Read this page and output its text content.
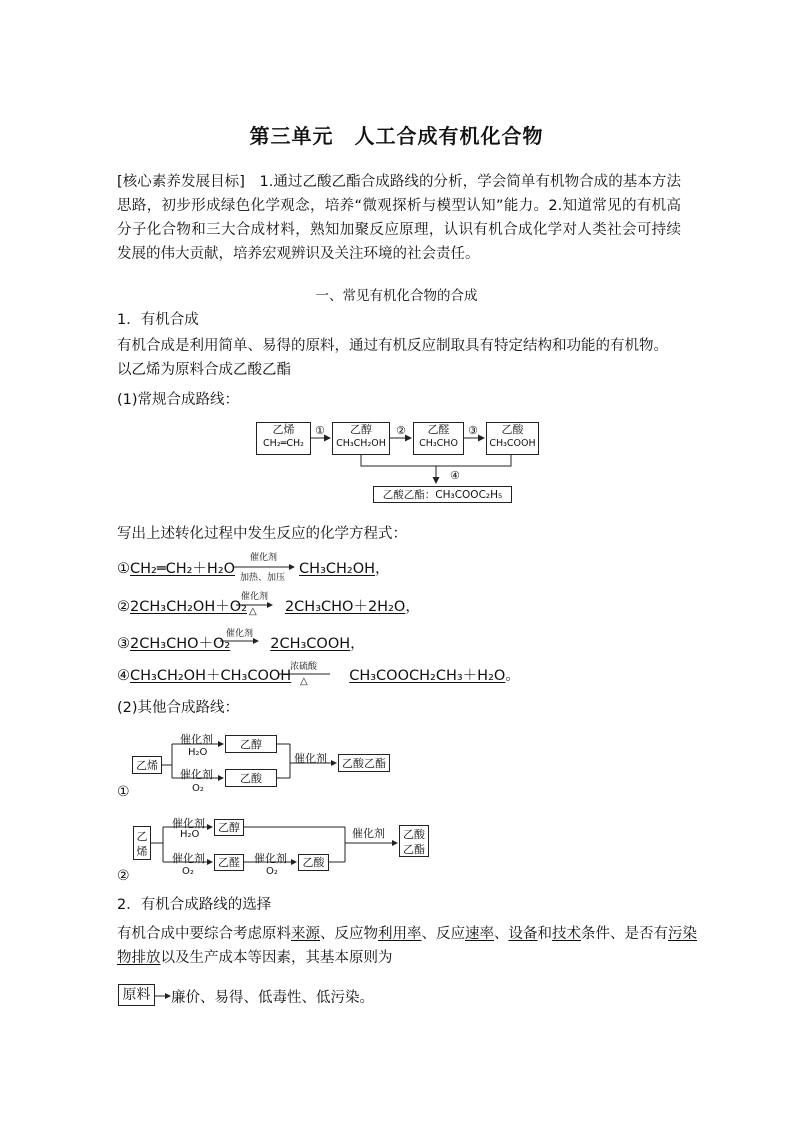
第三单元　人工合成有机化合物
[核心素养发展目标]　1.通过乙酸乙酯合成路线的分析，学会简单有机物合成的基本方法思路，初步形成绿色化学观念，培养“微观探析与模型认知”能力。2.知道常见的有机高分子化合物和三大合成材料，熟知加聚反应原理，认识有机合成化学对人类社会可持续发展的伟大贡献，培养宏观辨识及关注环境的社会责任。
一、常见有机化合物的合成
1．有机合成
有机合成是利用简单、易得的原料，通过有机反应制取具有特定结构和功能的有机物。
以乙烯为原料合成乙酸乙酯
(1)常规合成路线：
乙烯
CH₂═CH₂
①	乙醇
CH₃CH₂OH
②	乙醛
CH₃CHO
③	乙酸
CH₃COOH
④
乙酸乙酯：CH₃COOC₂H₅
写出上述转化过程中发生反应的化学方程式：
①CH₂═CH₂＋H₂O	CH₃CH₂OH，
催化剂
加热、加压
②2CH₃CH₂OH＋O₂	2CH₃CHO＋2H₂O，
催化剂
△
③2CH₃CHO＋O₂	2CH₃COOH，
催化剂
④CH₃CH₂OH＋CH₃COOH	CH₃COOCH₂CH₃＋H₂O。
浓硫酸
△
(2)其他合成路线：
乙烯
催化剂
H₂O
乙醇
催化剂
O₂
乙酸
催化剂	乙酸乙酯
①
乙烯
催化剂
H₂O
乙醇
催化剂
O₂
乙醛	催化剂
O₂
乙酸
催化剂	乙酸乙酯
②
2．有机合成路线的选择
有机合成中要综合考虑原料来源、反应物利用率、反应速率、设备和技术条件、是否有污染
物排放以及生产成本等因素，其基本原则为
原料	廉价、易得、低毒性、低污染。
